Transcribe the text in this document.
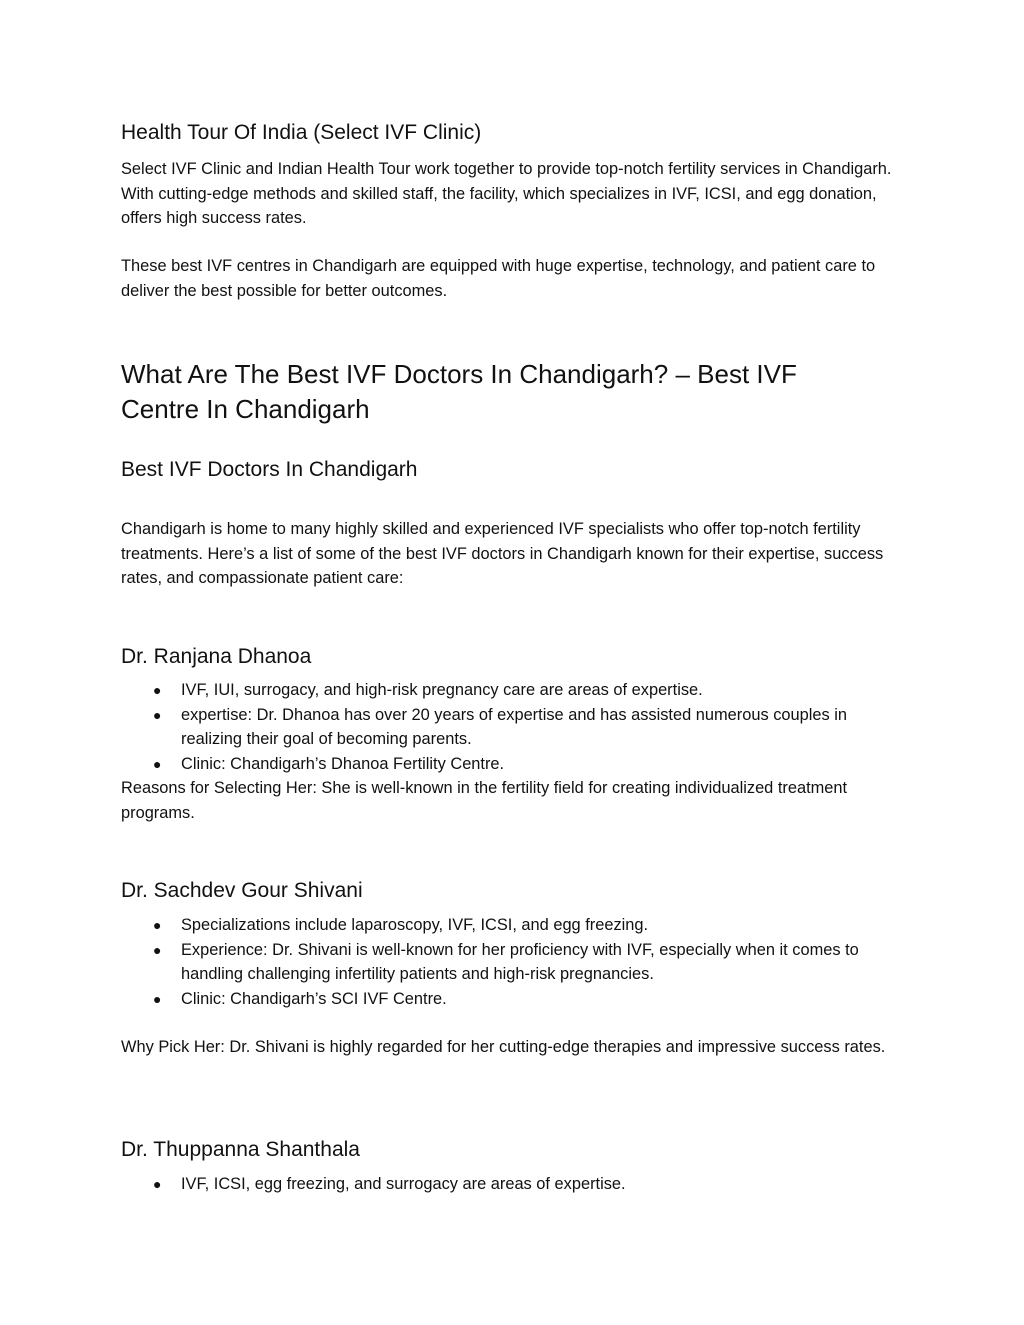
Health Tour Of India (Select IVF Clinic)

Select IVF Clinic and Indian Health Tour work together to provide top-notch fertility services in Chandigarh. With cutting-edge methods and skilled staff, the facility, which specializes in IVF, ICSI, and egg donation, offers high success rates.

These best IVF centres in Chandigarh are equipped with huge expertise, technology, and patient care to deliver the best possible for better outcomes.

What Are The Best IVF Doctors In Chandigarh? – Best IVF Centre In Chandigarh
Best IVF Doctors In Chandigarh

Chandigarh is home to many highly skilled and experienced IVF specialists who offer top-notch fertility treatments. Here’s a list of some of the best IVF doctors in Chandigarh known for their expertise, success rates, and compassionate patient care:

Dr. Ranjana Dhanoa
● IVF, IUI, surrogacy, and high-risk pregnancy care are areas of expertise.
● expertise: Dr. Dhanoa has over 20 years of expertise and has assisted numerous couples in realizing their goal of becoming parents.
● Clinic: Chandigarh’s Dhanoa Fertility Centre.

Reasons for Selecting Her: She is well-known in the fertility field for creating individualized treatment programs.

Dr. Sachdev Gour Shivani
● Specializations include laparoscopy, IVF, ICSI, and egg freezing.
● Experience: Dr. Shivani is well-known for her proficiency with IVF, especially when it comes to handling challenging infertility patients and high-risk pregnancies.
● Clinic: Chandigarh’s SCI IVF Centre.

Why Pick Her: Dr. Shivani is highly regarded for her cutting-edge therapies and impressive success rates.

Dr. Thuppanna Shanthala
● IVF, ICSI, egg freezing, and surrogacy are areas of expertise.
